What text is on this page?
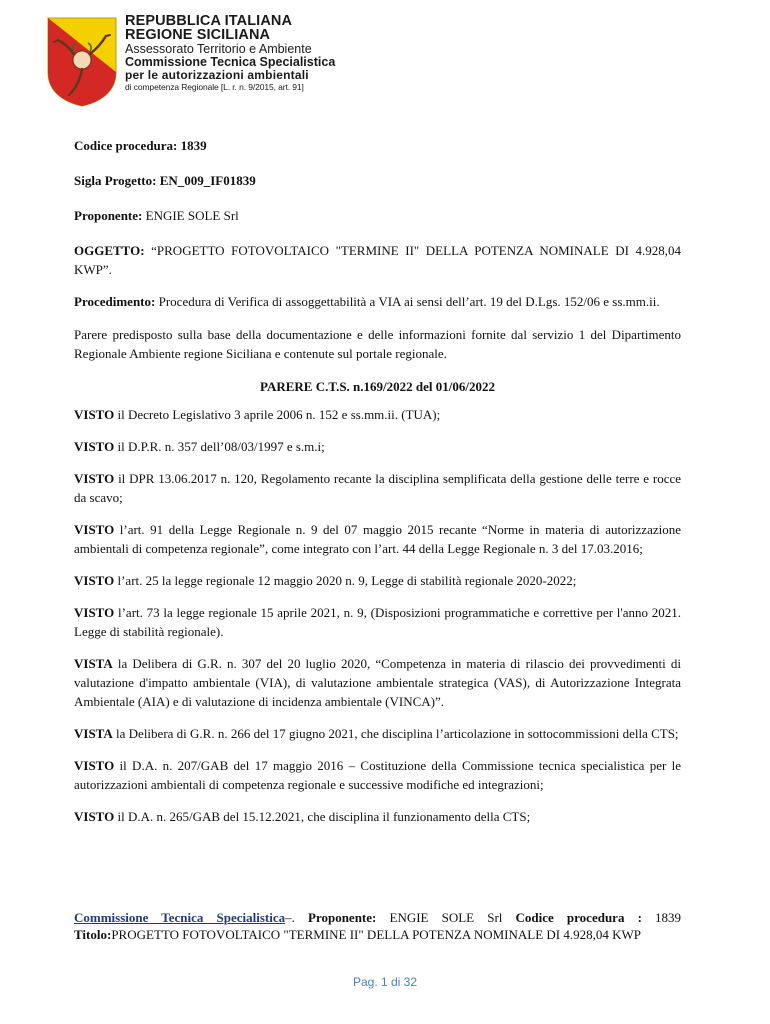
REPUBBLICA ITALIANA
REGIONE SICILIANA
Assessorato Territorio e Ambiente
Commissione Tecnica Specialistica
per le autorizzazioni ambientali
di competenza Regionale [L. r. n. 9/2015, art. 91]

Codice procedura: 1839

Sigla Progetto: EN_009_IF01839

Proponente: ENGIE SOLE Srl

OGGETTO: “PROGETTO FOTOVOLTAICO "TERMINE II" DELLA POTENZA NOMINALE DI 4.928,04 KWP”.

Procedimento: Procedura di Verifica di assoggettabilità a VIA ai sensi dell’art. 19 del D.Lgs. 152/06 e ss.mm.ii.

Parere predisposto sulla base della documentazione e delle informazioni fornite dal servizio 1 del Dipartimento Regionale Ambiente regione Siciliana e contenute sul portale regionale.

PARERE C.T.S. n.169/2022 del 01/06/2022

VISTO il Decreto Legislativo 3 aprile 2006 n. 152 e ss.mm.ii. (TUA);

VISTO il D.P.R. n. 357 dell’08/03/1997 e s.m.i;

VISTO il DPR 13.06.2017 n. 120, Regolamento recante la disciplina semplificata della gestione delle terre e rocce da scavo;

VISTO l’art. 91 della Legge Regionale n. 9 del 07 maggio 2015 recante “Norme in materia di autorizzazione ambientali di competenza regionale”, come integrato con l’art. 44 della Legge Regionale n. 3 del 17.03.2016;

VISTO l’art. 25 la legge regionale 12 maggio 2020 n. 9, Legge di stabilità regionale 2020-2022;

VISTO l’art. 73 la legge regionale 15 aprile 2021, n. 9, (Disposizioni programmatiche e correttive per l'anno 2021. Legge di stabilità regionale).

VISTA la Delibera di G.R. n. 307 del 20 luglio 2020, “Competenza in materia di rilascio dei provvedimenti di valutazione d'impatto ambientale (VIA), di valutazione ambientale strategica (VAS), di Autorizzazione Integrata Ambientale (AIA) e di valutazione di incidenza ambientale (VINCA)”.

VISTA la Delibera di G.R. n. 266 del 17 giugno 2021, che disciplina l’articolazione in sottocommissioni della CTS;

VISTO il D.A. n. 207/GAB del 17 maggio 2016 – Costituzione della Commissione tecnica specialistica per le autorizzazioni ambientali di competenza regionale e successive modifiche ed integrazioni;

VISTO il D.A. n. 265/GAB del 15.12.2021, che disciplina il funzionamento della CTS;

Commissione Tecnica Specialistica–. Proponente: ENGIE SOLE Srl Codice procedura : 1839 Titolo:PROGETTO FOTOVOLTAICO "TERMINE II" DELLA POTENZA NOMINALE DI 4.928,04 KWP
Pag. 1 di 32
